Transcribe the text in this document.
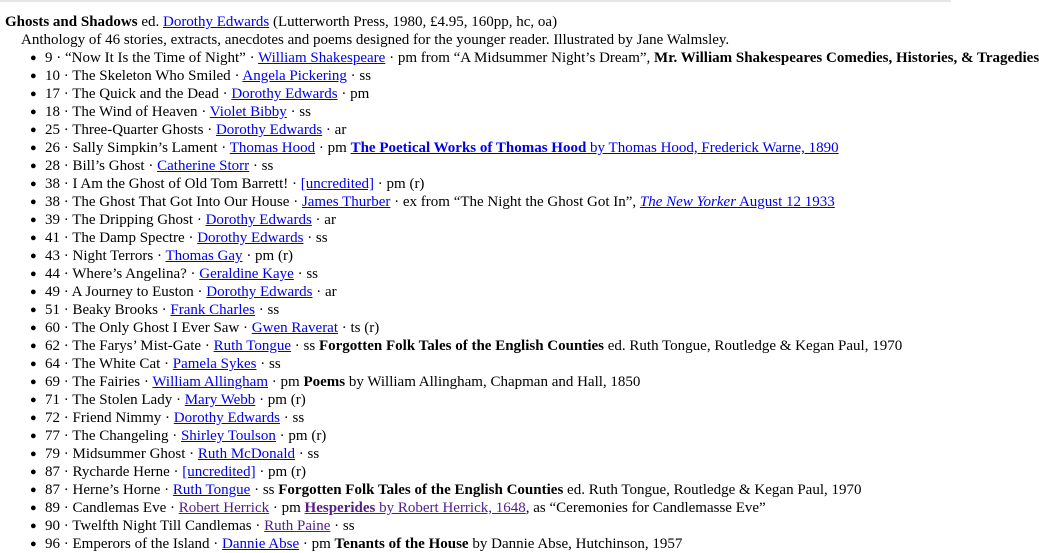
Ghosts and Shadows ed. Dorothy Edwards (Lutterworth Press, 1980, £4.95, 160pp, hc, oa)
Anthology of 46 stories, extracts, anecdotes and poems designed for the younger reader. Illustrated by Jane Walmsley.
● 9 · “Now It Is the Time of Night” · William Shakespeare · pm from “A Midsummer Night’s Dream”, Mr. William Shakespeares Comedies, Histories, & Tragedies
● 10 · The Skeleton Who Smiled · Angela Pickering · ss
● 17 · The Quick and the Dead · Dorothy Edwards · pm
● 18 · The Wind of Heaven · Violet Bibby · ss
● 25 · Three-Quarter Ghosts · Dorothy Edwards · ar
● 26 · Sally Simpkin’s Lament · Thomas Hood · pm The Poetical Works of Thomas Hood by Thomas Hood, Frederick Warne, 1890
● 28 · Bill’s Ghost · Catherine Storr · ss
● 38 · I Am the Ghost of Old Tom Barrett! · [uncredited] · pm (r)
● 38 · The Ghost That Got Into Our House · James Thurber · ex from “The Night the Ghost Got In”, The New Yorker August 12 1933
● 39 · The Dripping Ghost · Dorothy Edwards · ar
● 41 · The Damp Spectre · Dorothy Edwards · ss
● 43 · Night Terrors · Thomas Gay · pm (r)
● 44 · Where’s Angelina? · Geraldine Kaye · ss
● 49 · A Journey to Euston · Dorothy Edwards · ar
● 51 · Beaky Brooks · Frank Charles · ss
● 60 · The Only Ghost I Ever Saw · Gwen Raverat · ts (r)
● 62 · The Farys’ Mist-Gate · Ruth Tongue · ss Forgotten Folk Tales of the English Counties ed. Ruth Tongue, Routledge & Kegan Paul, 1970
● 64 · The White Cat · Pamela Sykes · ss
● 69 · The Fairies · William Allingham · pm Poems by William Allingham, Chapman and Hall, 1850
● 71 · The Stolen Lady · Mary Webb · pm (r)
● 72 · Friend Nimmy · Dorothy Edwards · ss
● 77 · The Changeling · Shirley Toulson · pm (r)
● 79 · Midsummer Ghost · Ruth McDonald · ss
● 87 · Rycharde Herne · [uncredited] · pm (r)
● 87 · Herne’s Horne · Ruth Tongue · ss Forgotten Folk Tales of the English Counties ed. Ruth Tongue, Routledge & Kegan Paul, 1970
● 89 · Candlemas Eve · Robert Herrick · pm Hesperides by Robert Herrick, 1648, as “Ceremonies for Candlemasse Eve”
● 90 · Twelfth Night Till Candlemas · Ruth Paine · ss
● 96 · Emperors of the Island · Dannie Abse · pm Tenants of the House by Dannie Abse, Hutchinson, 1957
